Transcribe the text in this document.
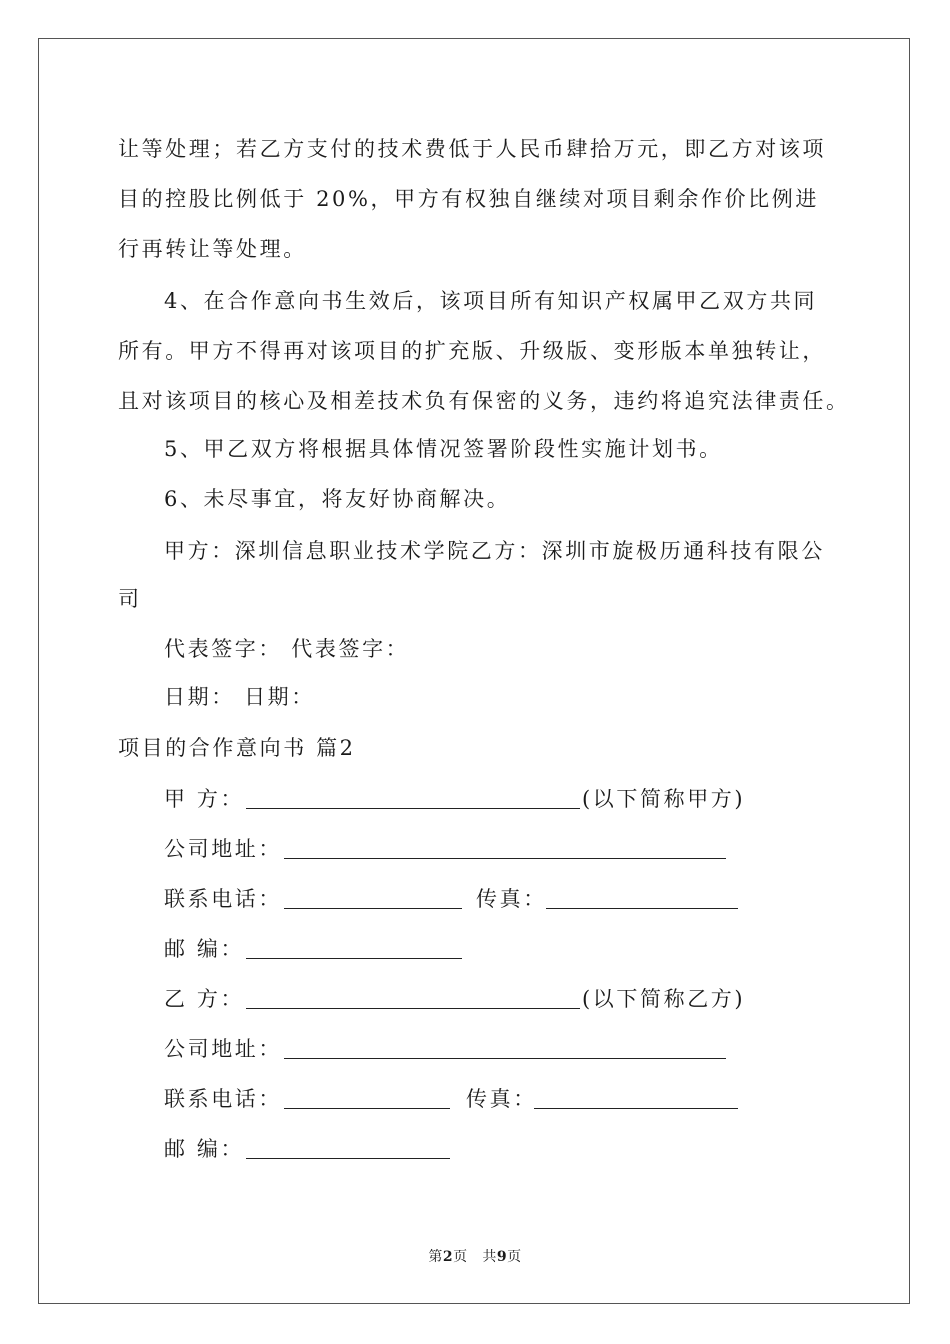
让等处理；若乙方支付的技术费低于人民币肆拾万元，即乙方对该项
目的控股比例低于 20%，甲方有权独自继续对项目剩余作价比例进
行再转让等处理。
4、在合作意向书生效后，该项目所有知识产权属甲乙双方共同
所有。甲方不得再对该项目的扩充版、升级版、变形版本单独转让，
且对该项目的核心及相差技术负有保密的义务，违约将追究法律责任。
5、甲乙双方将根据具体情况签署阶段性实施计划书。
6、未尽事宜，将友好协商解决。
甲方：深圳信息职业技术学院乙方：深圳市旋极历通科技有限公
司
代表签字： 代表签字：
日期： 日期：
项目的合作意向书 篇2
甲 方：	(以下简称甲方)
公司地址：
联系电话：	传真：
邮 编：
乙 方：	(以下简称乙方)
公司地址：
联系电话：	传真：
邮 编：
第2页 共9页
